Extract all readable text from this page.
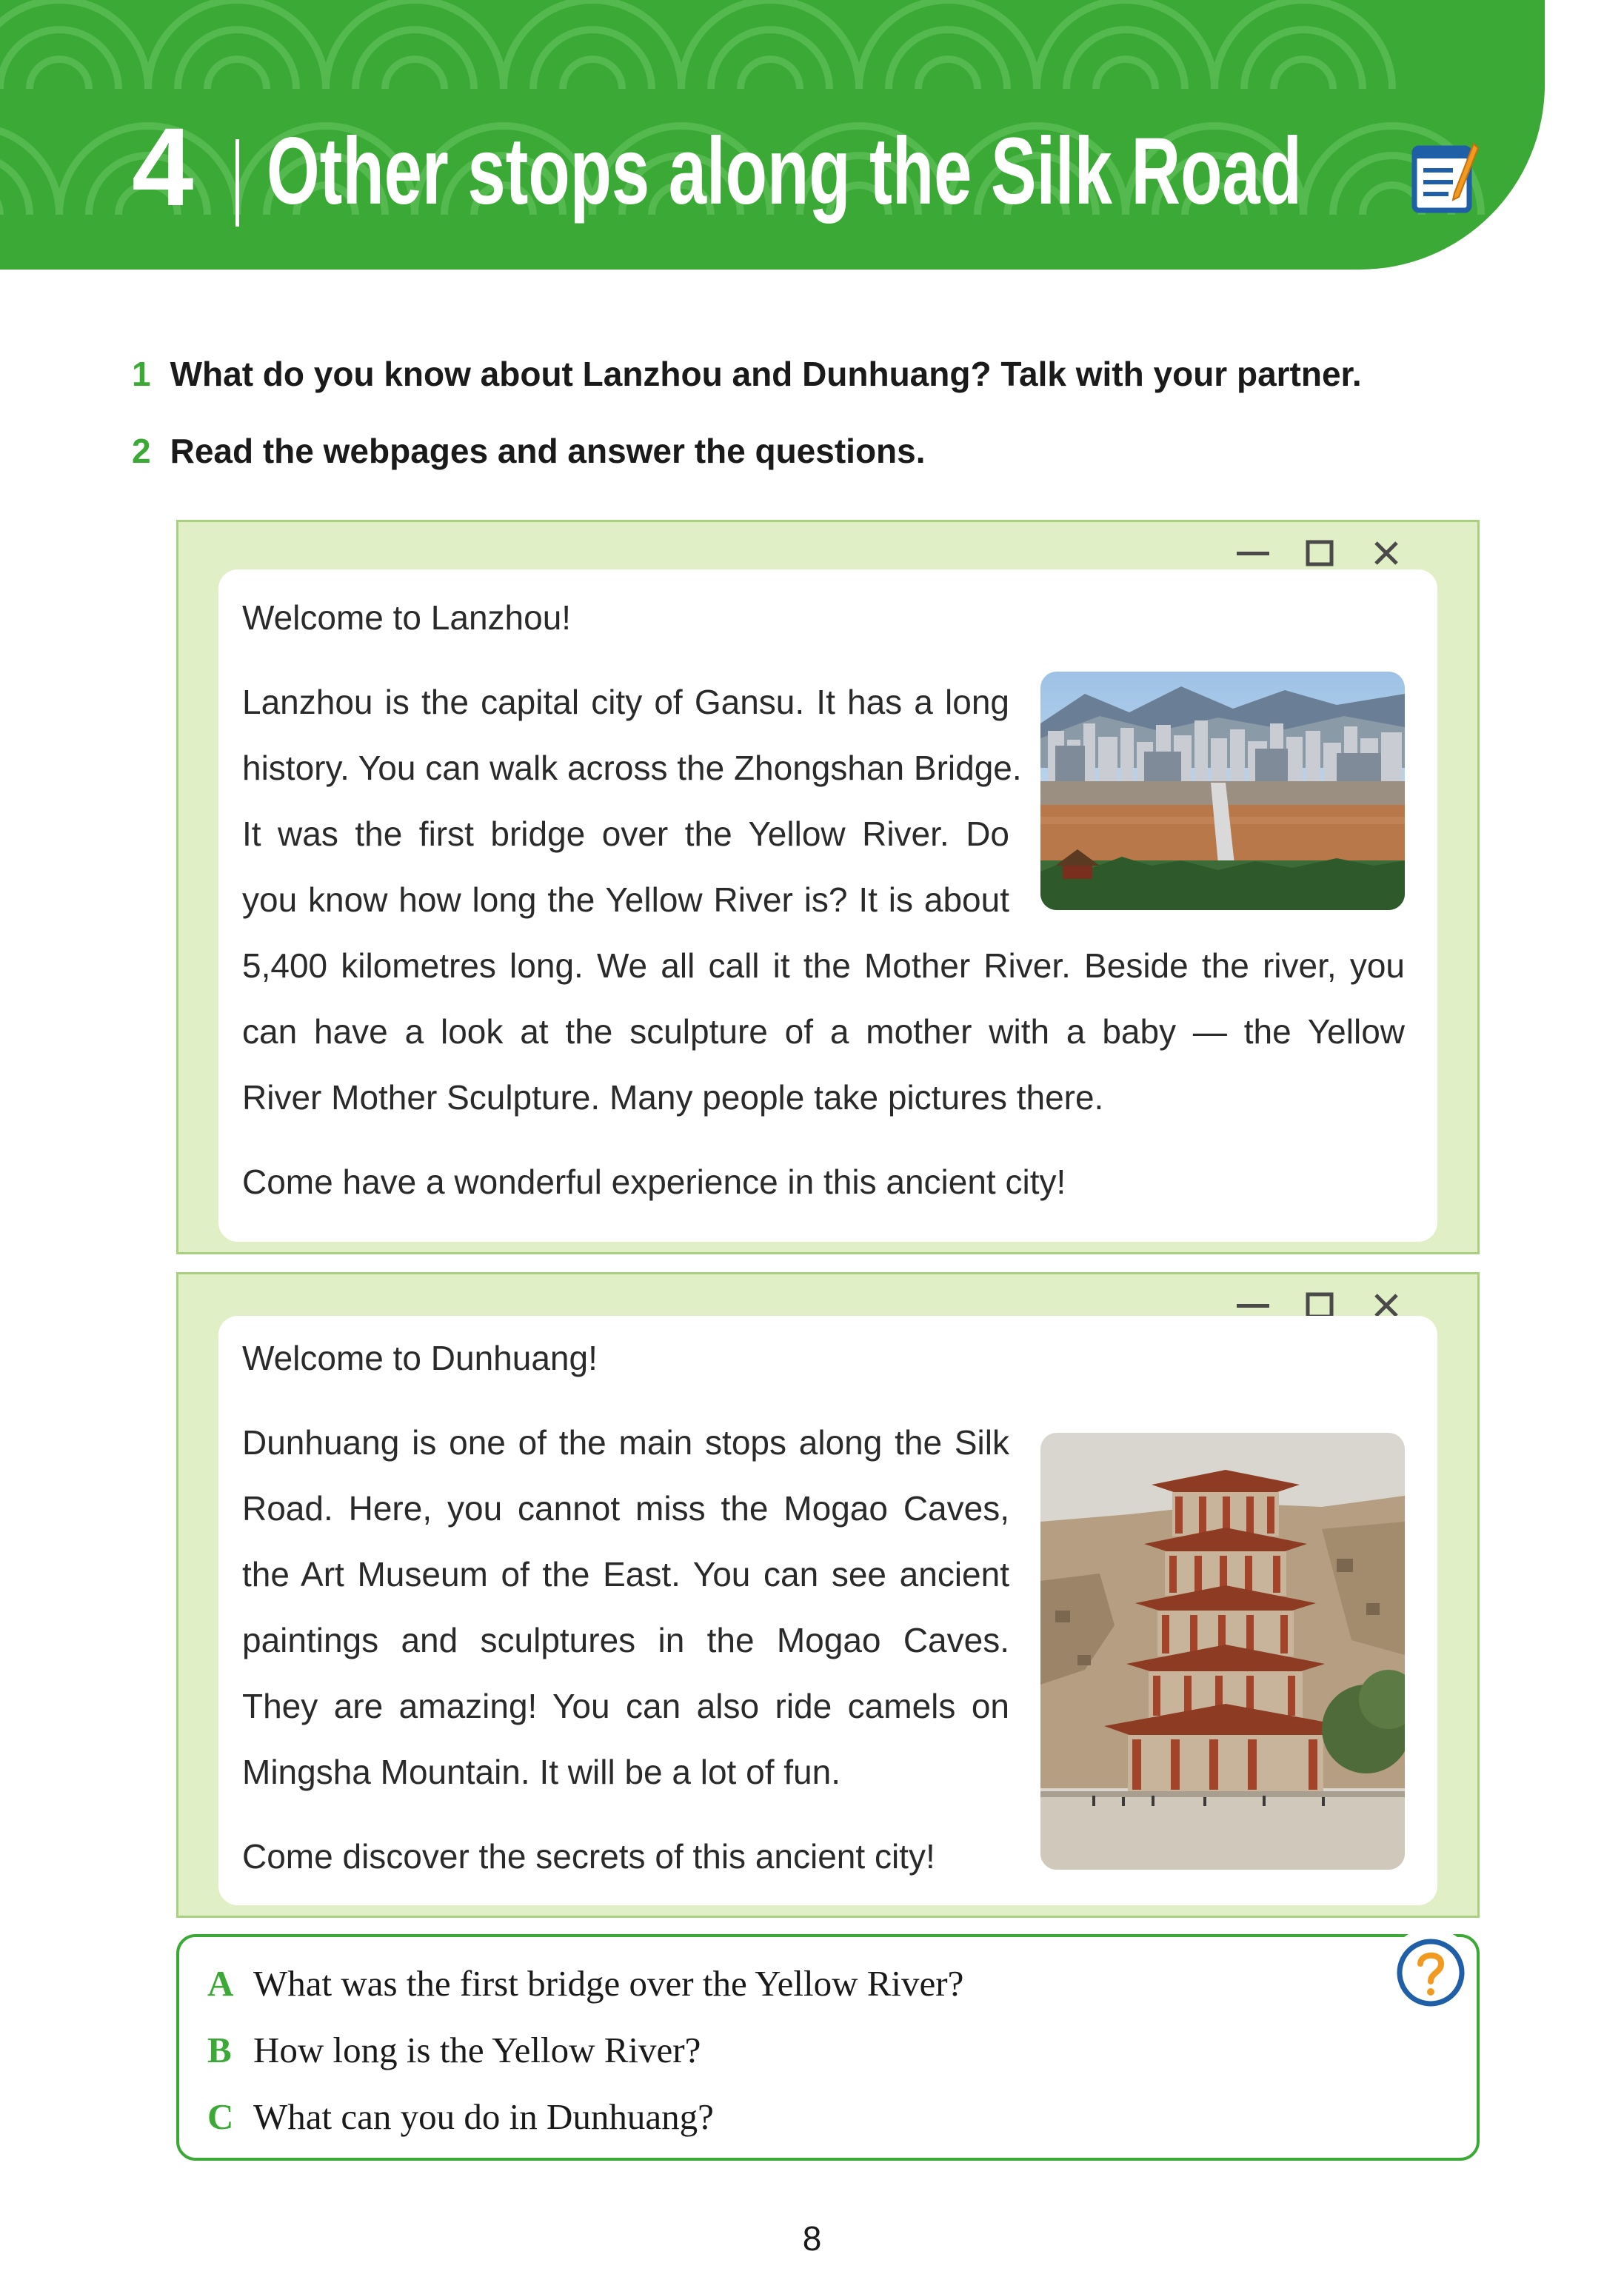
4 Other stops along the Silk Road
1 What do you know about Lanzhou and Dunhuang? Talk with your partner.
2 Read the webpages and answer the questions.
Welcome to Lanzhou!
Lanzhou is the capital city of Gansu. It has a long
history. You can walk across the Zhongshan Bridge.
It was the first bridge over the Yellow River. Do
you know how long the Yellow River is? It is about
5,400 kilometres long. We all call it the Mother River. Beside the river, you
can have a look at the sculpture of a mother with a baby — the Yellow
River Mother Sculpture. Many people take pictures there.
Come have a wonderful experience in this ancient city!
Welcome to Dunhuang!
Dunhuang is one of the main stops along the Silk
Road. Here, you cannot miss the Mogao Caves,
the Art Museum of the East. You can see ancient
paintings and sculptures in the Mogao Caves.
They are amazing! You can also ride camels on
Mingsha Mountain. It will be a lot of fun.
Come discover the secrets of this ancient city!
A What was the first bridge over the Yellow River?
B How long is the Yellow River?
C What can you do in Dunhuang?
8
